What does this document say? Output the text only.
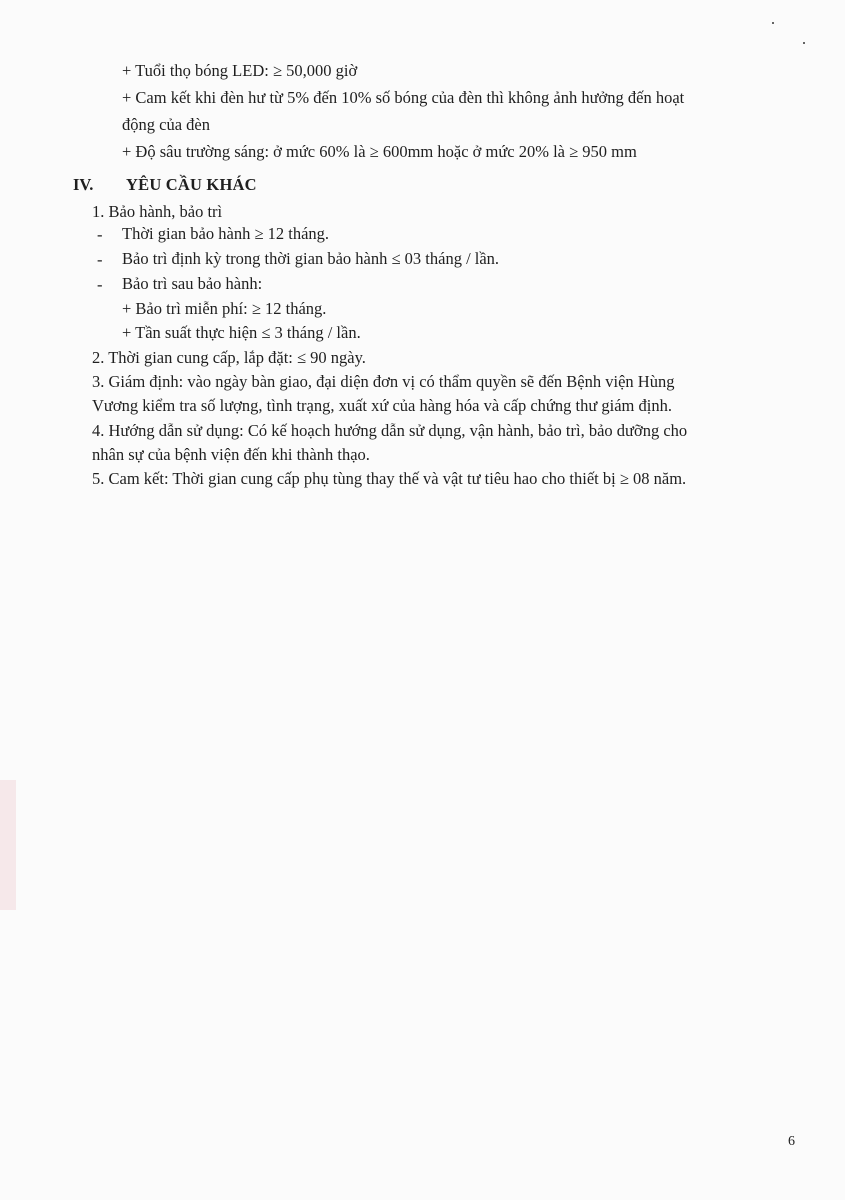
+ Tuổi thọ bóng LED: ≥ 50,000 giờ
+ Cam kết khi đèn hư từ 5% đến 10% số bóng của đèn thì không ảnh hưởng đến hoạt
động của đèn
+ Độ sâu trường sáng: ở mức 60% là ≥ 600mm hoặc ở mức 20% là ≥ 950 mm
IV. YÊU CẦU KHÁC
1. Bảo hành, bảo trì
- Thời gian bảo hành ≥ 12 tháng.
- Bảo trì định kỳ trong thời gian bảo hành ≤ 03 tháng / lần.
- Bảo trì sau bảo hành:
+ Bảo trì miễn phí: ≥ 12 tháng.
+ Tần suất thực hiện ≤ 3 tháng / lần.
2. Thời gian cung cấp, lắp đặt: ≤ 90 ngày.
3. Giám định: vào ngày bàn giao, đại diện đơn vị có thẩm quyền sẽ đến Bệnh viện Hùng
Vương kiểm tra số lượng, tình trạng, xuất xứ của hàng hóa và cấp chứng thư giám định.
4. Hướng dẫn sử dụng: Có kế hoạch hướng dẫn sử dụng, vận hành, bảo trì, bảo dưỡng cho
nhân sự của bệnh viện đến khi thành thạo.
5. Cam kết: Thời gian cung cấp phụ tùng thay thế và vật tư tiêu hao cho thiết bị ≥ 08 năm.
6
